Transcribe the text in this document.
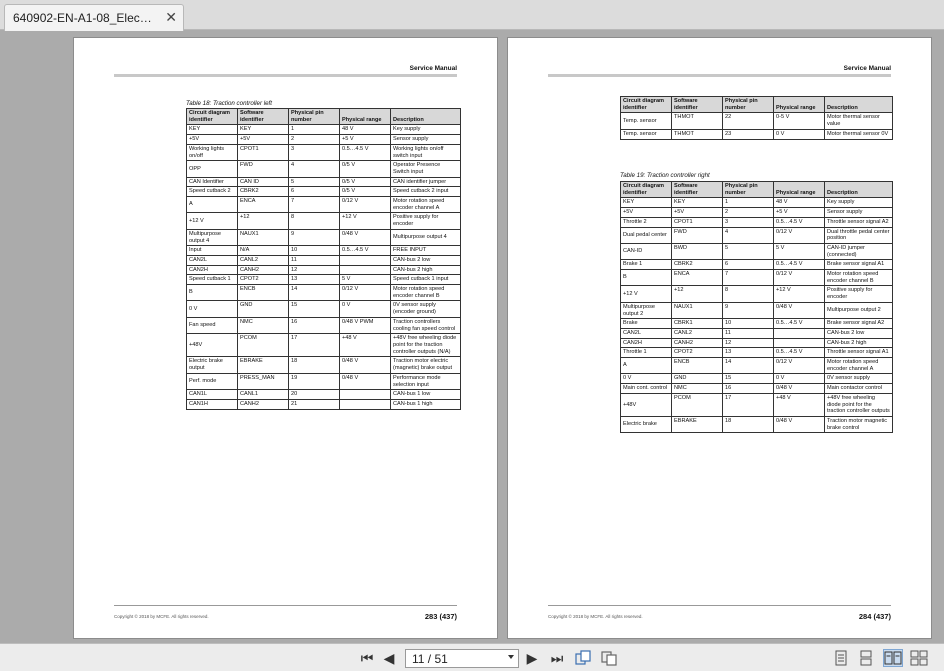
640902-EN-A1-08_Elec… ✕
Service Manual
Table 18: Traction controller left
Circuit diagram identifier	Software identifier	Physical pin number	Physical range	Description
KEY	KEY	1	48 V	Key supply
+5V	+5V	2	+5 V	Sensor supply
Working lights on/off	CPOT1	3	0.5…4.5 V	Working lights on/off switch input
OPP	FWD	4	0/5 V	Operator Presence Switch input
CAN Identifier	CAN ID	5	0/5 V	CAN identifier jumper
Speed cutback 2	CBRK2	6	0/5 V	Speed cutback 2 input
A	ENCA	7	0/12 V	Motor rotation speed encoder channel A
+12 V	+12	8	+12 V	Positive supply for encoder
Multipurpose output 4	NAUX1	9	0/48 V	Multipurpose output 4
Input	N/A	10	0.5…4.5 V	FREE INPUT
CAN2L	CANL2	11		CAN-bus 2 low
CAN2H	CANH2	12		CAN-bus 2 high
Speed cutback 1	CPOT2	13	5 V	Speed cutback 1 input
B	ENCB	14	0/12 V	Motor rotation speed encoder channel B
0 V	GND	15	0 V	0V sensor supply (encoder ground)
Fan speed	NMC	16	0/48 V PWM	Traction controllers cooling fan speed control
+48V	PCOM	17	+48 V	+48V free wheeling diode point for the traction controller outputs (N/A)
Electric brake output	EBRAKE	18	0/48 V	Traction motor electric (magnetic) brake output
Perf. mode	PRESS_MAN	19	0/48 V	Performance mode selection input
CAN1L	CANL1	20		CAN-bus 1 low
CAN1H	CANH2	21		CAN-bus 1 high
Copyright © 2018 by MCFE. All rights reserved.	283 (437)
Service Manual
Circuit diagram identifier	Software identifier	Physical pin number	Physical range	Description
Temp. sensor	THMOT	22	0-5 V	Motor thermal sensor value
Temp. sensor	THMOT	23	0 V	Motor thermal sensor 0V
Table 19: Traction controller right
Circuit diagram identifier	Software identifier	Physical pin number	Physical range	Description
KEY	KEY	1	48 V	Key supply
+5V	+5V	2	+5 V	Sensor supply
Throttle 2	CPOT1	3	0.5…4.5 V	Throttle sensor signal A2
Dual pedal center	FWD	4	0/12 V	Dual throttle pedal center position
CAN-ID	BWD	5	5 V	CAN-ID jumper (connected)
Brake 1	CBRK2	6	0.5…4.5 V	Brake sensor signal A1
B	ENCA	7	0/12 V	Motor rotation speed encoder channel B
+12 V	+12	8	+12 V	Positive supply for encoder
Multipurpose output 2	NAUX1	9	0/48 V	Multipurpose output 2
Brake	CBRK1	10	0.5…4.5 V	Brake sensor signal A2
CAN2L	CANL2	11		CAN-bus 2 low
CAN2H	CANH2	12		CAN-bus 2 high
Throttle 1	CPOT2	13	0.5…4.5 V	Throttle sensor signal A1
A	ENCB	14	0/12 V	Motor rotation speed encoder channel A
0 V	GND	15	0 V	0V sensor supply
Main cont. control	NMC	16	0/48 V	Main contactor control
+48V	PCOM	17	+48 V	+48V free wheeling diode point for the traction controller outputs
Electric brake	EBRAKE	18	0/48 V	Traction motor magnetic brake control
Copyright © 2018 by MCFE. All rights reserved.	284 (437)
⏮ ◀ 11 / 51	▶ ⏭
